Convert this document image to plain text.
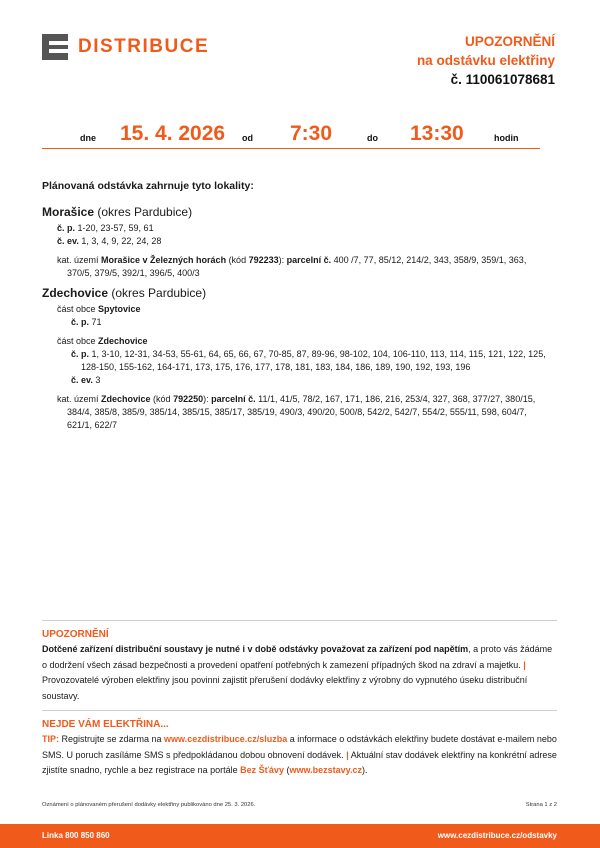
DISTRIBUCE	UPOZORNĚNÍ
na odstávku elektřiny
č. 110061078681
dne 15. 4. 2026 od 7:30	do 13:30	hodin
Plánovaná odstávka zahrnuje tyto lokality:
Morašice (okres Pardubice)
č. p. 1-20, 23-57, 59, 61
č. ev. 1, 3, 4, 9, 22, 24, 28
kat. území Morašice v Železných horách (kód 792233): parcelní č. 400 /7, 77, 85/12, 214/2, 343, 358/9, 359/1, 363, 370/5, 379/5, 392/1, 396/5, 400/3
Zdechovice (okres Pardubice)
část obce Spytovice
č. p. 71
část obce Zdechovice
č. p. 1, 3-10, 12-31, 34-53, 55-61, 64, 65, 66, 67, 70-85, 87, 89-96, 98-102, 104, 106-110, 113, 114, 115, 121, 122, 125, 128-150, 155-162, 164-171, 173, 175, 176, 177, 178, 181, 183, 184, 186, 189, 190, 192, 193, 196
č. ev. 3
kat. území Zdechovice (kód 792250): parcelní č. 11/1, 41/5, 78/2, 167, 171, 186, 216, 253/4, 327, 368, 377/27, 380/15, 384/4, 385/8, 385/9, 385/14, 385/15, 385/17, 385/19, 490/3, 490/20, 500/8, 542/2, 542/7, 554/2, 555/11, 598, 604/7, 621/1, 622/7
UPOZORNĚNÍ
Dotčené zařízení distribuční soustavy je nutné i v době odstávky považovat za zařízení pod napětím, a proto vás žádáme o dodržení všech zásad bezpečnosti a provedení opatření potřebných k zamezení případných škod na zdraví a majetku. | Provozovatelé výroben elektřiny jsou povinni zajistit přerušení dodávky elektřiny z výrobny do vypnutého úseku distribuční soustavy.
NEJDE VÁM ELEKTŘINA...
TIP: Registrujte se zdarma na www.cezdistribuce.cz/sluzba a informace o odstávkách elektřiny budete dostávat e-mailem nebo SMS. U poruch zasíláme SMS s předpokládanou dobou obnovení dodávek. | Aktuální stav dodávek elektřiny na konkrétní adrese zjistíte snadno, rychle a bez registrace na portále Bez Šťávy (www.bezstavy.cz).
Oznámení o plánovaném přerušení dodávky elektřiny publikováno dne 25. 3. 2026.	Strana 1 z 2
Linka 800 850 860	www.cezdistribuce.cz/odstavky
